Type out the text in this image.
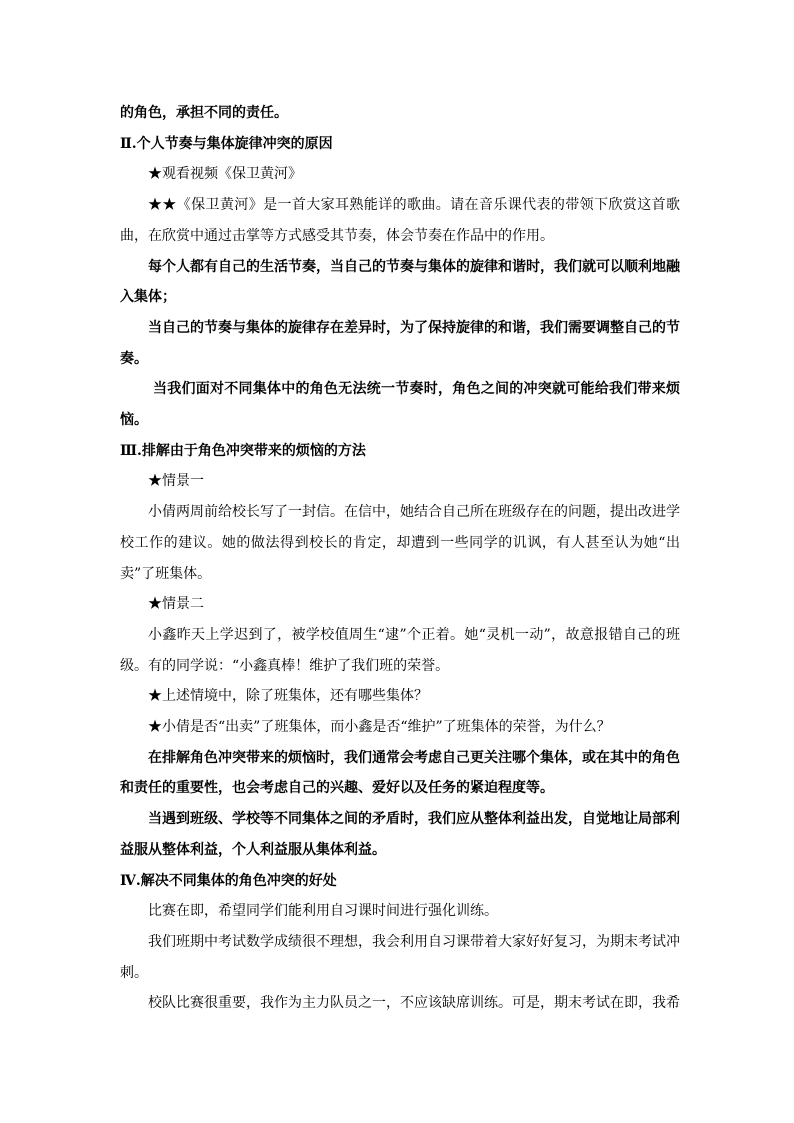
的角色，承担不同的责任。

Ⅱ.个人节奏与集体旋律冲突的原因

★观看视频《保卫黄河》

★★《保卫黄河》是一首大家耳熟能详的歌曲。请在音乐课代表的带领下欣赏这首歌曲，在欣赏中通过击掌等方式感受其节奏，体会节奏在作品中的作用。

每个人都有自己的生活节奏，当自己的节奏与集体的旋律和谐时，我们就可以顺利地融入集体；

当自己的节奏与集体的旋律存在差异时，为了保持旋律的和谐，我们需要调整自己的节奏。

当我们面对不同集体中的角色无法统一节奏时，角色之间的冲突就可能给我们带来烦恼。

Ⅲ.排解由于角色冲突带来的烦恼的方法

★情景一

小倩两周前给校长写了一封信。在信中，她结合自己所在班级存在的问题，提出改进学校工作的建议。她的做法得到校长的肯定，却遭到一些同学的讥讽，有人甚至认为她“出卖”了班集体。

★情景二

小鑫昨天上学迟到了，被学校值周生“逮”个正着。她“灵机一动”，故意报错自己的班级。有的同学说：“小鑫真棒！维护了我们班的荣誉。

★上述情境中，除了班集体，还有哪些集体？

★小倩是否“出卖”了班集体，而小鑫是否“维护”了班集体的荣誉，为什么？

在排解角色冲突带来的烦恼时，我们通常会考虑自己更关注哪个集体，或在其中的角色和责任的重要性，也会考虑自己的兴趣、爱好以及任务的紧迫程度等。

当遇到班级、学校等不同集体之间的矛盾时，我们应从整体利益出发，自觉地让局部利益服从整体利益，个人利益服从集体利益。

Ⅳ.解决不同集体的角色冲突的好处

比赛在即，希望同学们能利用自习课时间进行强化训练。

我们班期中考试数学成绩很不理想，我会利用自习课带着大家好好复习，为期末考试冲刺。

校队比赛很重要，我作为主力队员之一，不应该缺席训练。可是，期末考试在即，我希
